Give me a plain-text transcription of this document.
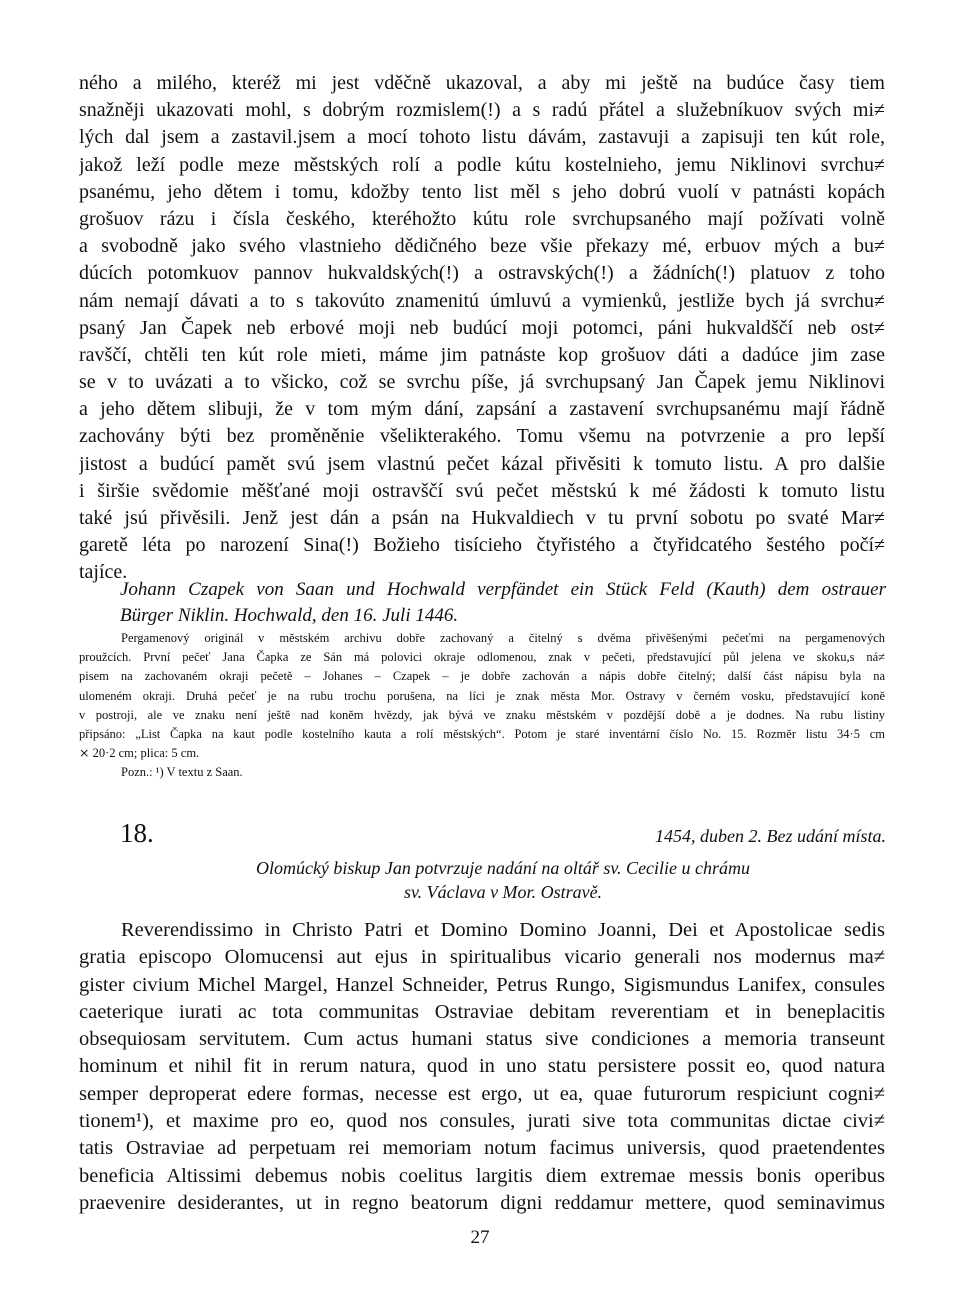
ného a milého, kteréž mi jest vděčně ukazoval, a aby mi ještě na budúce časy tiem
snažněji ukazovati mohl, s dobrým rozmislem(!) a s radú přátel a služebníkuov svých mi≠
lých dal jsem a zastavil.jsem a mocí tohoto listu dávám, zastavuji a zapisuji ten kút role,
jakož leží podle meze městských rolí a podle kútu kostelnieho, jemu Niklinovi svrchu≠
psanému, jeho dětem i tomu, kdožby tento list měl s jeho dobrú vuolí v patnásti kopách
grošuov rázu i čísla českého, kteréhožto kútu role svrchupsaného mají požívati volně
a svobodně jako svého vlastnieho dědičného beze všie překazy mé, erbuov mých a bu≠
dúcích potomkuov pannov hukvaldských(!) a ostravských(!) a žádních(!) platuov z toho
nám nemají dávati a to s takovúto znamenitú úmluvú a vymienků, jestliže bych já svrchu≠
psaný Jan Čapek neb erbové moji neb budúcí moji potomci, páni hukvaldščí neb ost≠
ravščí, chtěli ten kút role mieti, máme jim patnáste kop grošuov dáti a dadúce jim zase
se v to uvázati a to všicko, což se svrchu píše, já svrchupsaný Jan Čapek jemu Niklinovi
a jeho dětem slibuji, že v tom mým dání, zapsání a zastavení svrchupsanému mají řádně
zachovány býti bez proměněnie všelikterakého. Tomu všemu na potvrzenie a pro lepší
jistost a budúcí pamět svú jsem vlastnú pečet kázal přivěsiti k tomuto listu. A pro dalšie
i širšie svědomie měšťané moji ostravščí svú pečet městskú k mé žádosti k tomuto listu
také jsú přivěsili. Jenž jest dán a psán na Hukvaldiech v tu první sobotu po svaté Mar≠
garetě léta po narození Sina(!) Božieho tisícieho čtyřistého a čtyřidcatého šestého počí≠
tajíce.
Johann Czapek von Saan und Hochwald verpfändet ein Stück Feld (Kauth) dem ostrauer
Bürger Niklin. Hochwald, den 16. Juli 1446.
Pergamenový originál v městském archivu dobře zachovaný a čitelný s dvěma přivěšenými pečeťmi na pergamenových
proužcích. První pečeť Jana Čapka ze Sán má polovici okraje odlomenou, znak v pečeti, představující půl jelena ve skoku,s ná≠
pisem na zachovaném okraji pečetě – Johanes – Czapek – je dobře zachován a nápis dobře čitelný; další část nápisu byla na
ulomeném okraji. Druhá pečeť je na rubu trochu porušena, na líci je znak města Mor. Ostravy v černém vosku, představující koně
v postroji, ale ve znaku není ještě nad koněm hvězdy, jak bývá ve znaku městském v pozdější době a je dodnes. Na rubu listiny
připsáno: „List Čapka na kaut podle kostelního kauta a rolí městských“. Potom je staré inventární číslo No. 15. Rozměr listu 34·5 cm
⨯ 20·2 cm; plica: 5 cm.
Pozn.: ¹) V textu z Saan.
18.	1454, duben 2. Bez udání místa.
Olomúcký biskup Jan potvrzuje nadání na oltář sv. Cecilie u chrámu
sv. Václava v Mor. Ostravě.
Reverendissimo in Christo Patri et Domino Domino Joanni, Dei et Apostolicae sedis
gratia episcopo Olomucensi aut ejus in spiritualibus vicario generali nos modernus ma≠
gister civium Michel Margel, Hanzel Schneider, Petrus Rungo, Sigismundus Lanifex, consules
caeterique iurati ac tota communitas Ostraviae debitam reverentiam et in beneplacitis
obsequiosam servitutem. Cum actus humani status sive condiciones a memoria transeunt
hominum et nihil fit in rerum natura, quod in uno statu persistere possit eo, quod natura
semper deproperat edere formas, necesse est ergo, ut ea, quae futurorum respiciunt cogni≠
tionem¹), et maxime pro eo, quod nos consules, jurati sive tota communitas dictae civi≠
tatis Ostraviae ad perpetuam rei memoriam notum facimus universis, quod praetendentes
beneficia Altissimi debemus nobis coelitus largitis diem extremae messis bonis operibus
praevenire desiderantes, ut in regno beatorum digni reddamur mettere, quod seminavimus
27
